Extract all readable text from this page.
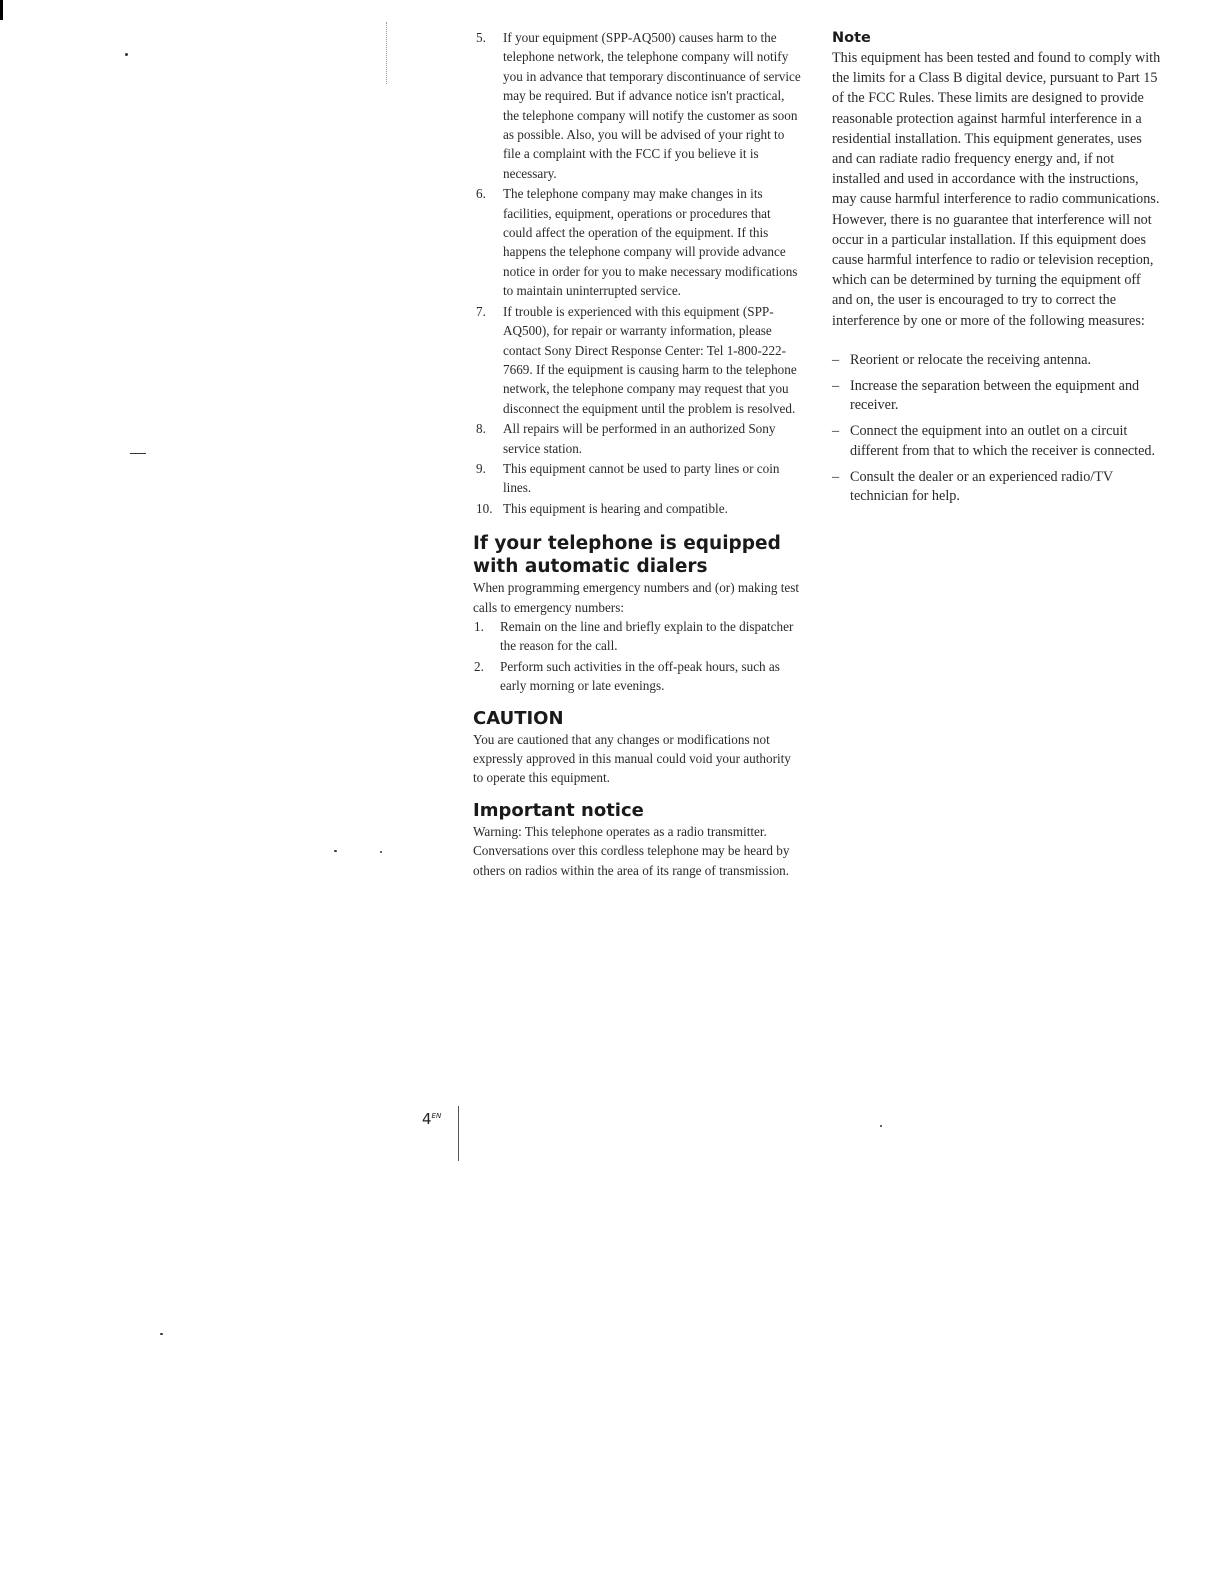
5. If your equipment (SPP-AQ500) causes harm to the telephone network, the telephone company will notify you in advance that temporary discontinuance of service may be required. But if advance notice isn't practical, the telephone company will notify the customer as soon as possible. Also, you will be advised of your right to file a complaint with the FCC if you believe it is necessary.
6. The telephone company may make changes in its facilities, equipment, operations or procedures that could affect the operation of the equipment. If this happens the telephone company will provide advance notice in order for you to make necessary modifications to maintain uninterrupted service.
7. If trouble is experienced with this equipment (SPP-AQ500), for repair or warranty information, please contact Sony Direct Response Center: Tel 1-800-222-7669. If the equipment is causing harm to the telephone network, the telephone company may request that you disconnect the equipment until the problem is resolved.
8. All repairs will be performed in an authorized Sony service station.
9. This equipment cannot be used to party lines or coin lines.
10. This equipment is hearing and compatible.
If your telephone is equipped with automatic dialers

When programming emergency numbers and (or) making test calls to emergency numbers:

1. Remain on the line and briefly explain to the dispatcher the reason for the call.
2. Perform such activities in the off-peak hours, such as early morning or late evenings.
CAUTION

You are cautioned that any changes or modifications not expressly approved in this manual could void your authority to operate this equipment.

Important notice

Warning: This telephone operates as a radio transmitter. Conversations over this cordless telephone may be heard by others on radios within the area of its range of transmission.

Note

This equipment has been tested and found to comply with the limits for a Class B digital device, pursuant to Part 15 of the FCC Rules. These limits are designed to provide reasonable protection against harmful interference in a residential installation. This equipment generates, uses and can radiate radio frequency energy and, if not installed and used in accordance with the instructions, may cause harmful interference to radio communications. However, there is no guarantee that interference will not occur in a particular installation. If this equipment does cause harmful interfence to radio or television reception, which can be determined by turning the equipment off and on, the user is encouraged to try to correct the interference by one or more of the following measures:

– Reorient or relocate the receiving antenna.
– Increase the separation between the equipment and receiver.
– Connect the equipment into an outlet on a circuit different from that to which the receiver is connected.
– Consult the dealer or an experienced radio/TV technician for help.
$4^{EN}$
